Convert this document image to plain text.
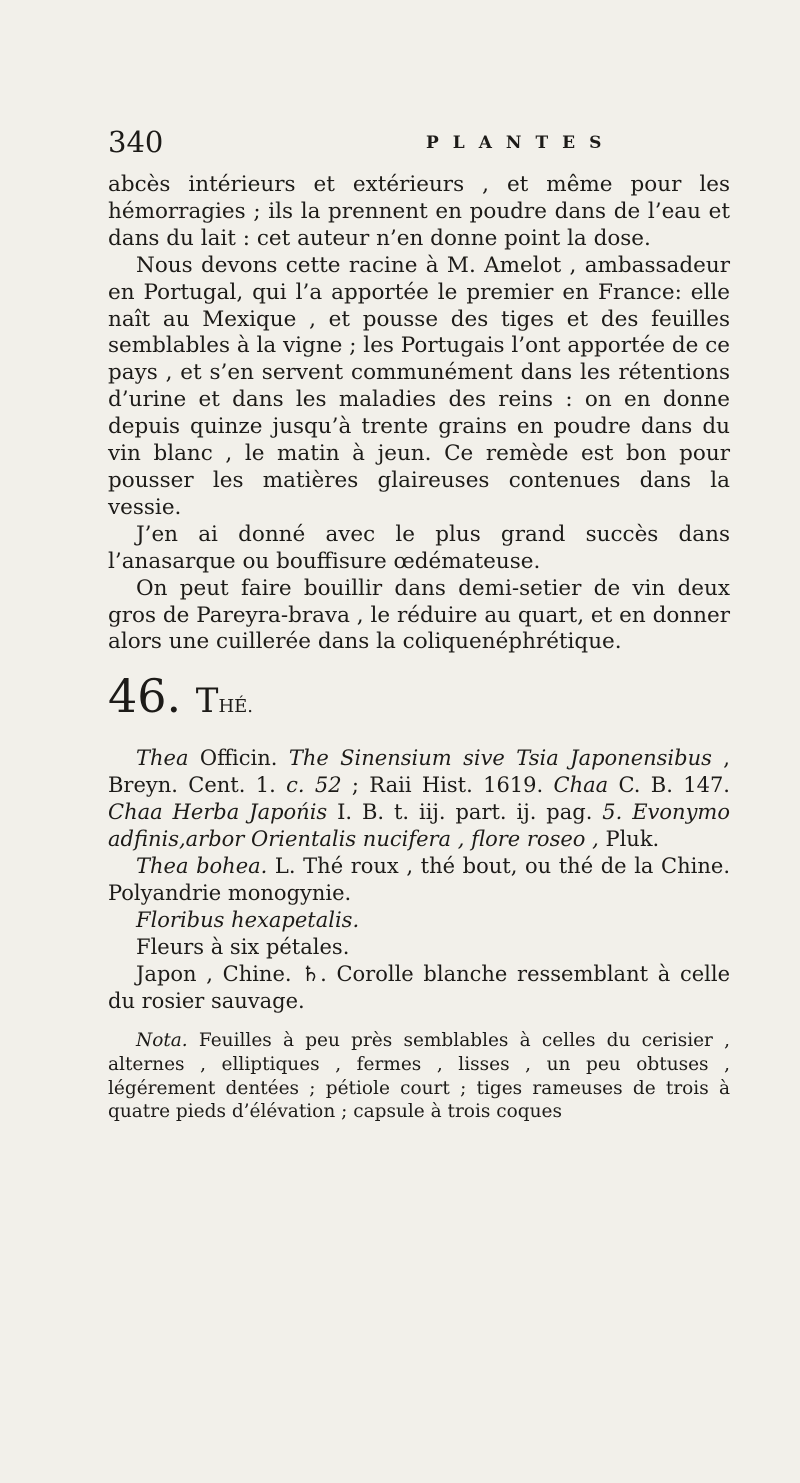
340	PLANTES

abcès intérieurs et extérieurs , et même pour les hémorragies ; ils la prennent en poudre dans de l’eau et dans du lait : cet auteur n’en donne point la dose.

Nous devons cette racine à M. Amelot , ambassadeur en Portugal, qui l’a apportée le premier en France: elle naît au Mexique , et pousse des tiges et des feuilles semblables à la vigne ; les Portugais l’ont apportée de ce pays , et s’en servent communément dans les rétentions d’urine et dans les maladies des reins : on en donne depuis quinze jusqu’à trente grains en poudre dans du vin blanc , le matin à jeun. Ce remède est bon pour pousser les matières glaireuses contenues dans la vessie.

J’en ai donné avec le plus grand succès dans l’anasarque ou bouffisure œdémateuse.

On peut faire bouillir dans demi-setier de vin deux gros de Pareyra-brava , le réduire au quart, et en donner alors une cuillerée dans la coliquenéphrétique.

46. THÉ.

Thea Officin. The Sinensium sive Tsia Japonensibus , Breyn. Cent. 1. c. 52 ; Raii Hist. 1619. Chaa C. B. 147. Chaa Herba Japońis I. B. t. iij. part. ij. pag. 5. Evonymo adfinis,arbor Orientalis nucifera , flore roseo , Pluk.

Thea bohea. L. Thé roux , thé bout, ou thé de la Chine. Polyandrie monogynie.

Floribus hexapetalis.

Fleurs à six pétales.

Japon , Chine. ♄. Corolle blanche ressemblant à celle du rosier sauvage.

Nota. Feuilles à peu près semblables à celles du cerisier , alternes , elliptiques , fermes , lisses , un peu obtuses , légérement dentées ; pétiole court ; tiges rameuses de trois à quatre pieds d’élévation ; capsule à trois coques
